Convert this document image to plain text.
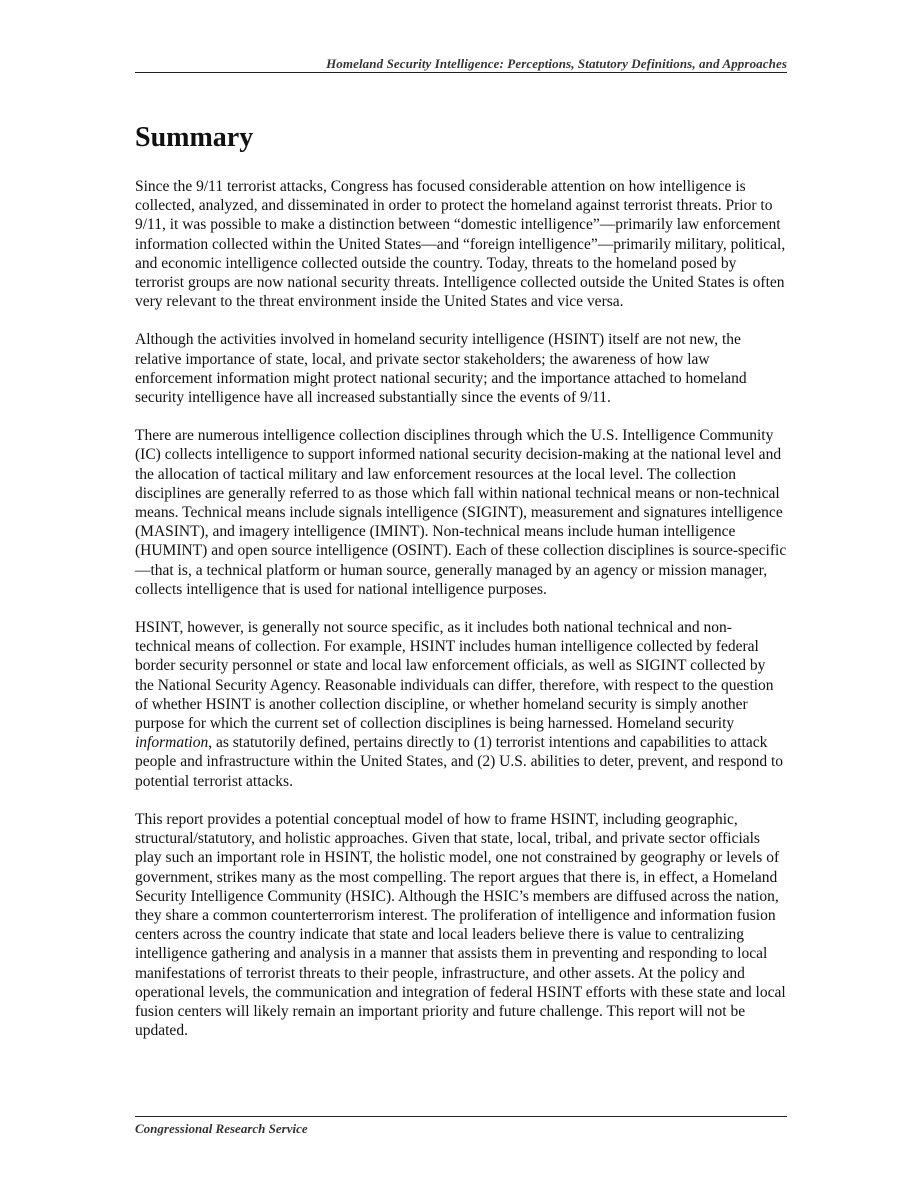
Homeland Security Intelligence: Perceptions, Statutory Definitions, and Approaches
Summary

Since the 9/11 terrorist attacks, Congress has focused considerable attention on how intelligence is collected, analyzed, and disseminated in order to protect the homeland against terrorist threats. Prior to 9/11, it was possible to make a distinction between “domestic intelligence”—primarily law enforcement information collected within the United States—and “foreign intelligence”—primarily military, political, and economic intelligence collected outside the country. Today, threats to the homeland posed by terrorist groups are now national security threats. Intelligence collected outside the United States is often very relevant to the threat environment inside the United States and vice versa.

Although the activities involved in homeland security intelligence (HSINT) itself are not new, the relative importance of state, local, and private sector stakeholders; the awareness of how law enforcement information might protect national security; and the importance attached to homeland security intelligence have all increased substantially since the events of 9/11.

There are numerous intelligence collection disciplines through which the U.S. Intelligence Community (IC) collects intelligence to support informed national security decision-making at the national level and the allocation of tactical military and law enforcement resources at the local level. The collection disciplines are generally referred to as those which fall within national technical means or non-technical means. Technical means include signals intelligence (SIGINT), measurement and signatures intelligence (MASINT), and imagery intelligence (IMINT). Non-technical means include human intelligence (HUMINT) and open source intelligence (OSINT). Each of these collection disciplines is source-specific—that is, a technical platform or human source, generally managed by an agency or mission manager, collects intelligence that is used for national intelligence purposes.

HSINT, however, is generally not source specific, as it includes both national technical and non-technical means of collection. For example, HSINT includes human intelligence collected by federal border security personnel or state and local law enforcement officials, as well as SIGINT collected by the National Security Agency. Reasonable individuals can differ, therefore, with respect to the question of whether HSINT is another collection discipline, or whether homeland security is simply another purpose for which the current set of collection disciplines is being harnessed. Homeland security information, as statutorily defined, pertains directly to (1) terrorist intentions and capabilities to attack people and infrastructure within the United States, and (2) U.S. abilities to deter, prevent, and respond to potential terrorist attacks.

This report provides a potential conceptual model of how to frame HSINT, including geographic, structural/statutory, and holistic approaches. Given that state, local, tribal, and private sector officials play such an important role in HSINT, the holistic model, one not constrained by geography or levels of government, strikes many as the most compelling. The report argues that there is, in effect, a Homeland Security Intelligence Community (HSIC). Although the HSIC’s members are diffused across the nation, they share a common counterterrorism interest. The proliferation of intelligence and information fusion centers across the country indicate that state and local leaders believe there is value to centralizing intelligence gathering and analysis in a manner that assists them in preventing and responding to local manifestations of terrorist threats to their people, infrastructure, and other assets. At the policy and operational levels, the communication and integration of federal HSINT efforts with these state and local fusion centers will likely remain an important priority and future challenge. This report will not be updated.

Congressional Research Service
